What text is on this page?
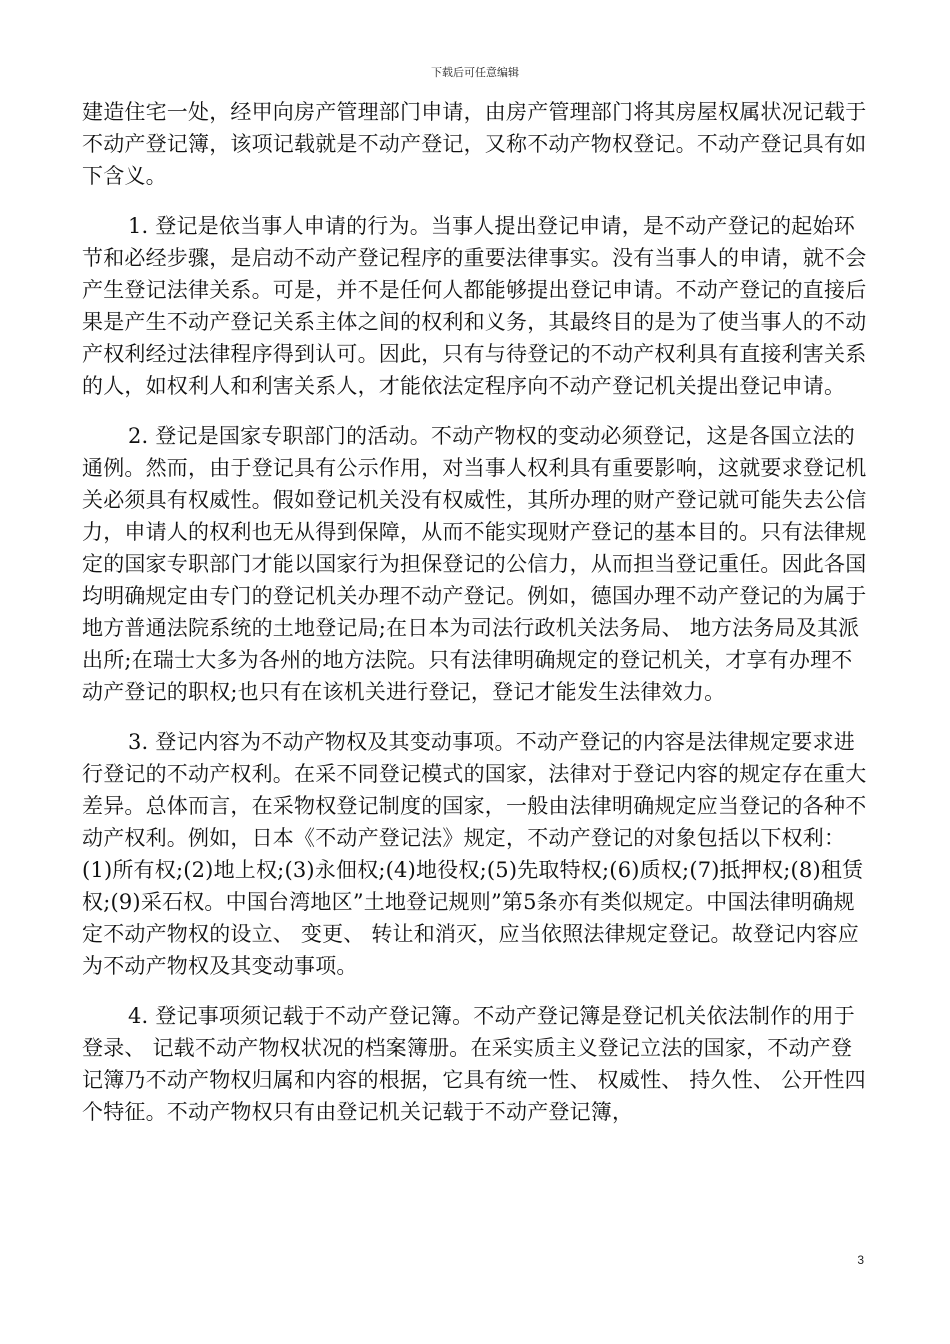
下载后可任意编辑

建造住宅一处，经甲向房产管理部门申请，由房产管理部门将其房屋权属状况记载于不动产登记簿，该项记载就是不动产登记，又称不动产物权登记。不动产登记具有如下含义。

1. 登记是依当事人申请的行为。当事人提出登记申请，是不动产登记的起始环节和必经步骤，是启动不动产登记程序的重要法律事实。没有当事人的申请，就不会产生登记法律关系。可是，并不是任何人都能够提出登记申请。不动产登记的直接后果是产生不动产登记关系主体之间的权利和义务，其最终目的是为了使当事人的不动产权利经过法律程序得到认可。因此，只有与待登记的不动产权利具有直接利害关系的人，如权利人和利害关系人，才能依法定程序向不动产登记机关提出登记申请。

2. 登记是国家专职部门的活动。不动产物权的变动必须登记，这是各国立法的通例。然而，由于登记具有公示作用，对当事人权利具有重要影响，这就要求登记机关必须具有权威性。假如登记机关没有权威性，其所办理的财产登记就可能失去公信力，申请人的权利也无从得到保障，从而不能实现财产登记的基本目的。只有法律规定的国家专职部门才能以国家行为担保登记的公信力，从而担当登记重任。因此各国均明确规定由专门的登记机关办理不动产登记。例如，德国办理不动产登记的为属于地方普通法院系统的土地登记局;在日本为司法行政机关法务局、 地方法务局及其派出所;在瑞士大多为各州的地方法院。只有法律明确规定的登记机关，才享有办理不动产登记的职权;也只有在该机关进行登记，登记才能发生法律效力。

3. 登记内容为不动产物权及其变动事项。不动产登记的内容是法律规定要求进行登记的不动产权利。在采不同登记模式的国家，法律对于登记内容的规定存在重大差异。总体而言，在采物权登记制度的国家，一般由法律明确规定应当登记的各种不动产权利。例如，日本《不动产登记法》规定，不动产登记的对象包括以下权利：(1)所有权;(2)地上权;(3)永佃权;(4)地役权;(5)先取特权;(6)质权;(7)抵押权;(8)租赁权;(9)采石权。中国台湾地区”土地登记规则”第5条亦有类似规定。中国法律明确规定不动产物权的设立、 变更、 转让和消灭，应当依照法律规定登记。故登记内容应为不动产物权及其变动事项。

4. 登记事项须记载于不动产登记簿。不动产登记簿是登记机关依法制作的用于登录、 记载不动产物权状况的档案簿册。在采实质主义登记立法的国家，不动产登记簿乃不动产物权归属和内容的根据，它具有统一性、 权威性、 持久性、 公开性四个特征。不动产物权只有由登记机关记载于不动产登记簿，

3
